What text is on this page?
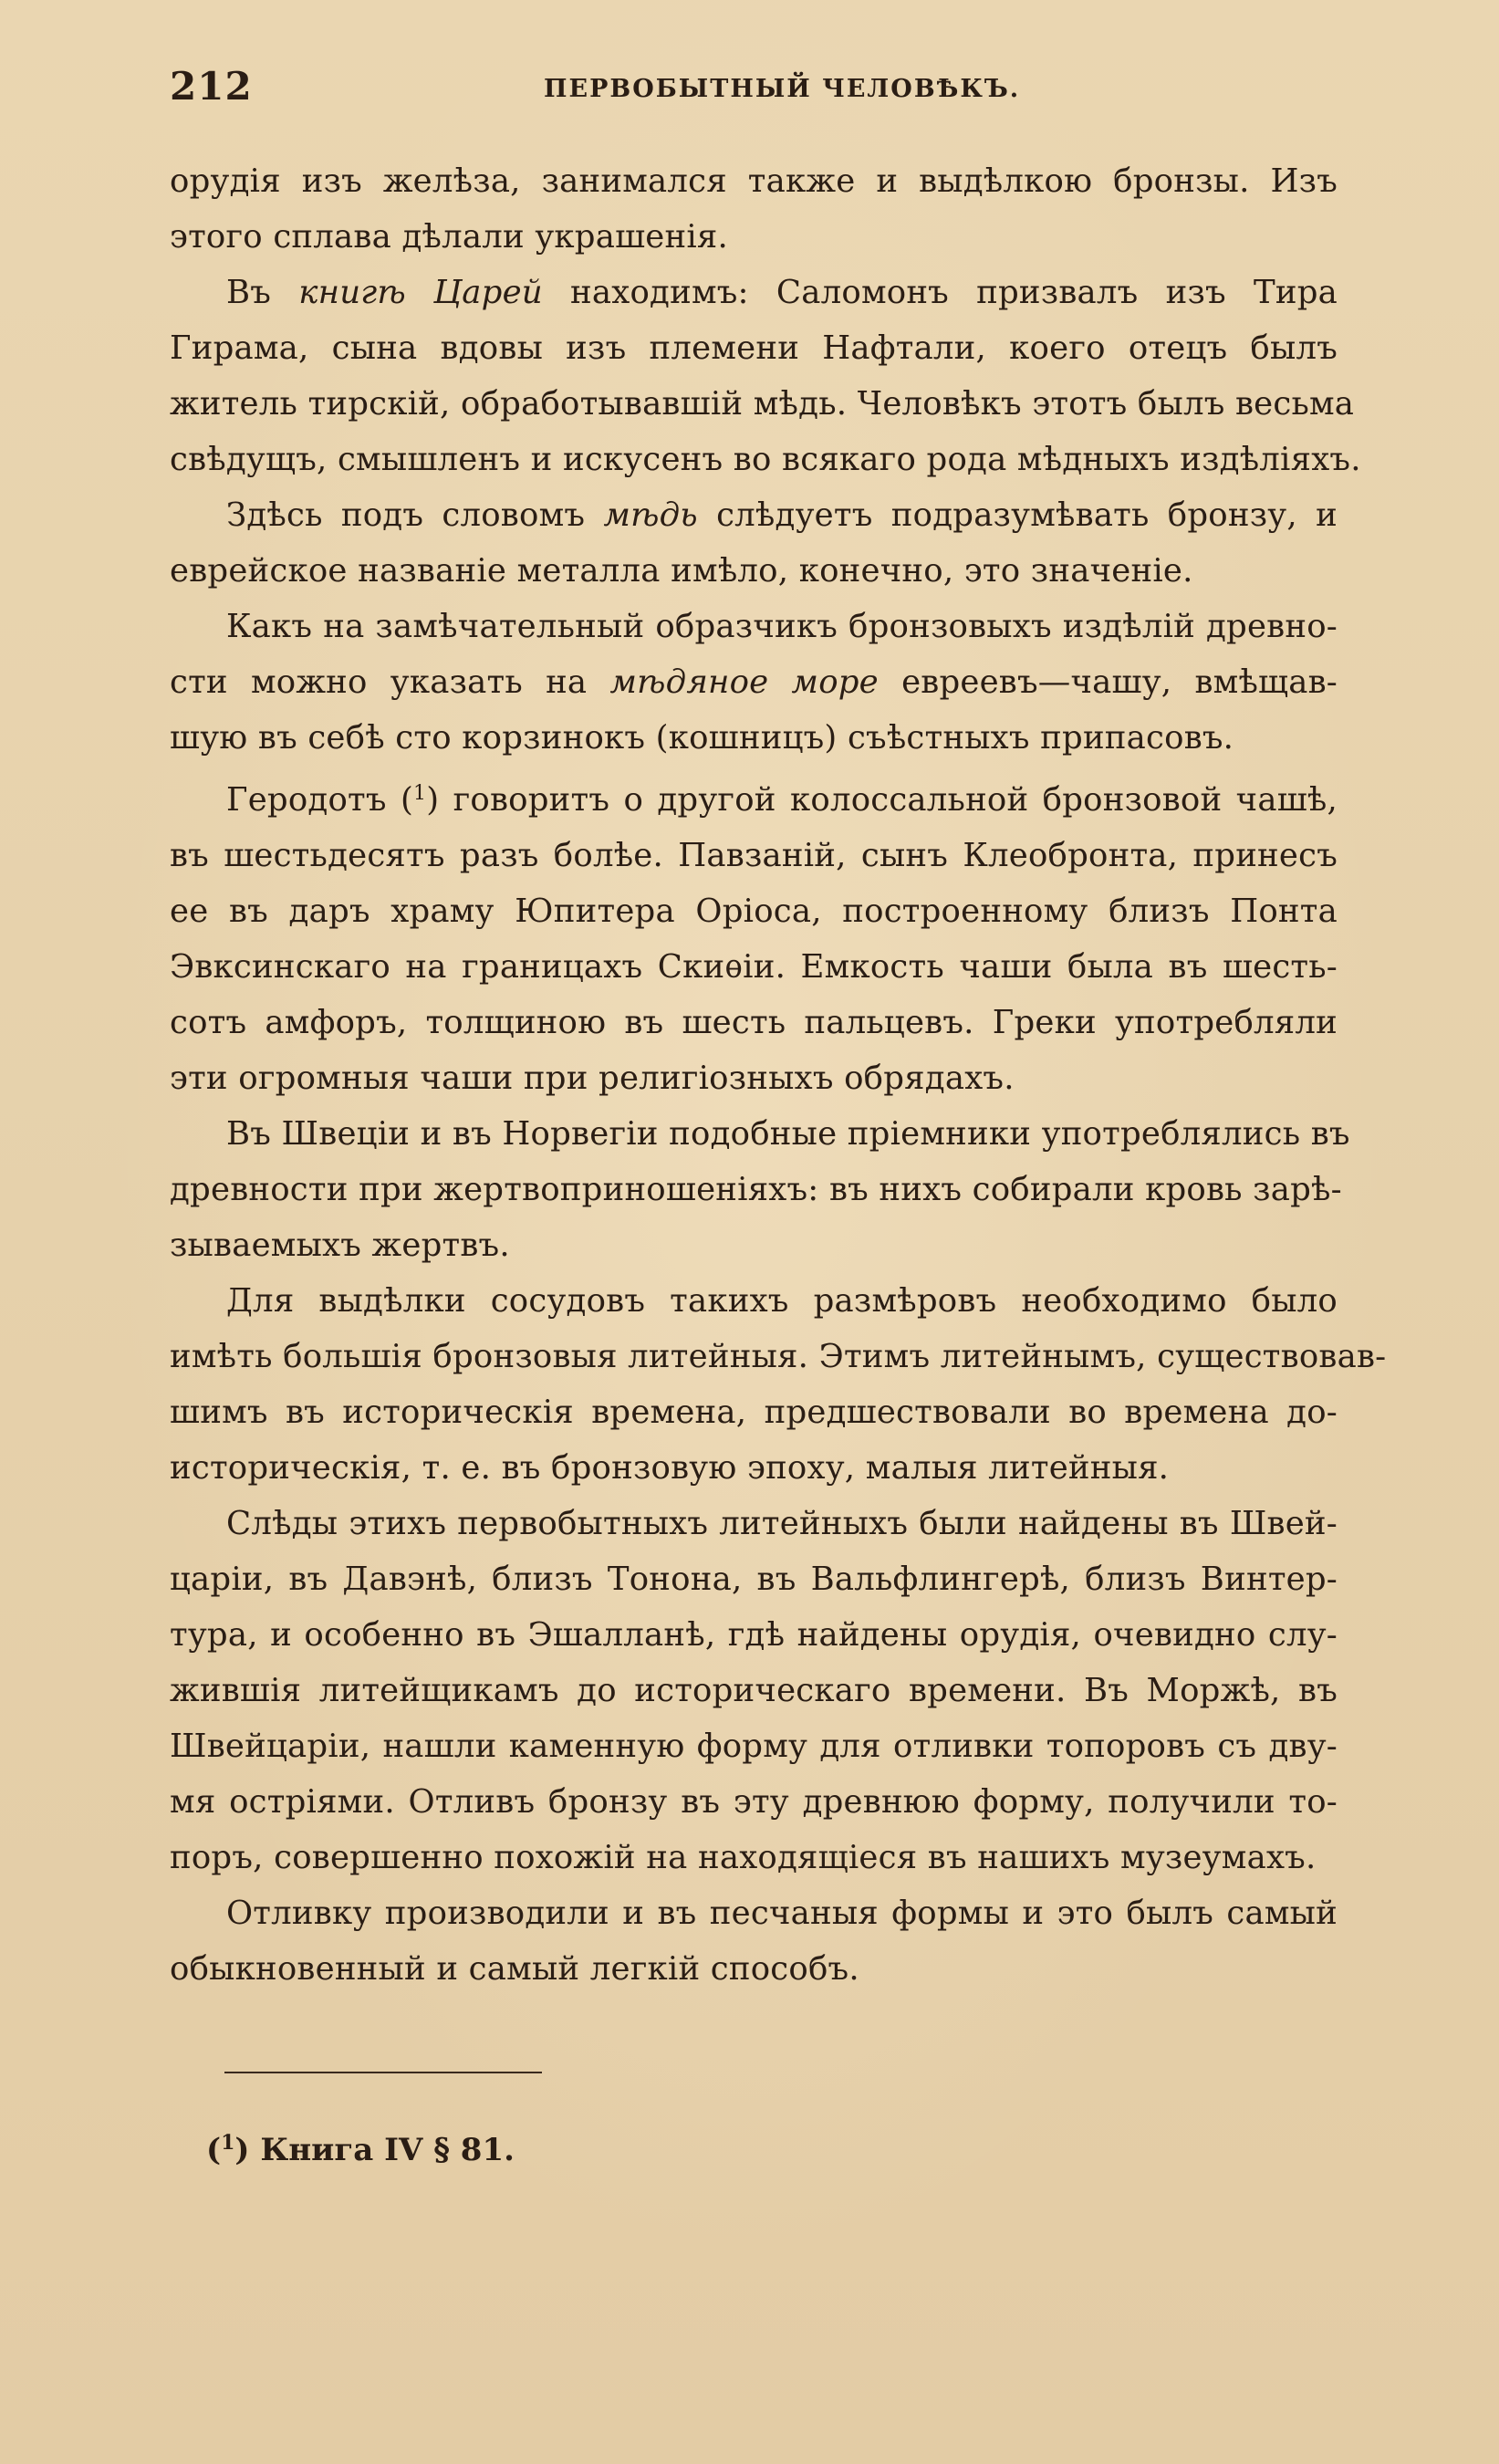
212	ПЕРВОБЫТНЫЙ ЧЕЛОВѢКЪ.
орудія изъ желѣза, занимался также и выдѣлкою бронзы. Изъ
этого сплава дѣлали украшенія.
Въ книгѣ Царей находимъ: Саломонъ призвалъ изъ Тира
Гирама, сына вдовы изъ племени Нафтали, коего отецъ былъ
житель тирскій, обработывавшій мѣдь. Человѣкъ этотъ былъ весьма
свѣдущъ, смышленъ и искусенъ во всякаго рода мѣдныхъ издѣліяхъ.
Здѣсь подъ словомъ мѣдь слѣдуетъ подразумѣвать бронзу, и
еврейское названіе металла имѣло, конечно, это значеніе.
Какъ на замѣчательный образчикъ бронзовыхъ издѣлій древно-
сти можно указать на мѣдяное море евреевъ—чашу, вмѣщав-
шую въ себѣ сто корзинокъ (кошницъ) съѣстныхъ припасовъ.
Геродотъ ($^1$) говоритъ о другой колоссальной бронзовой чашѣ,
въ шестьдесятъ разъ болѣе. Павзаній, сынъ Клеобронта, принесъ
ее въ даръ храму Юпитера Оріоса, построенному близъ Понта
Эвксинскаго на границахъ Скиѳіи. Емкость чаши была въ шесть-
сотъ амфоръ, толщиною въ шесть пальцевъ. Греки употребляли
эти огромныя чаши при религіозныхъ обрядахъ.
Въ Швеціи и въ Норвегіи подобные пріемники употреблялись въ
древности при жертвоприношеніяхъ: въ нихъ собирали кровь зарѣ-
зываемыхъ жертвъ.
Для выдѣлки сосудовъ такихъ размѣровъ необходимо было
имѣть большія бронзовыя литейныя. Этимъ литейнымъ, существовав-
шимъ въ историческія времена, предшествовали во времена до-
историческія, т. е. въ бронзовую эпоху, малыя литейныя.
Слѣды этихъ первобытныхъ литейныхъ были найдены въ Швей-
царіи, въ Давэнѣ, близъ Тонона, въ Вальфлингерѣ, близъ Винтер-
тура, и особенно въ Эшалланѣ, гдѣ найдены орудія, очевидно слу-
жившія литейщикамъ до историческаго времени. Въ Моржѣ, въ
Швейцаріи, нашли каменную форму для отливки топоровъ съ дву-
мя остріями. Отливъ бронзу въ эту древнюю форму, получили то-
поръ, совершенно похожій на находящіеся въ нашихъ музеумахъ.
Отливку производили и въ песчаныя формы и это былъ самый
обыкновенный и самый легкій способъ.
($^1$) Книга IV § 81.
